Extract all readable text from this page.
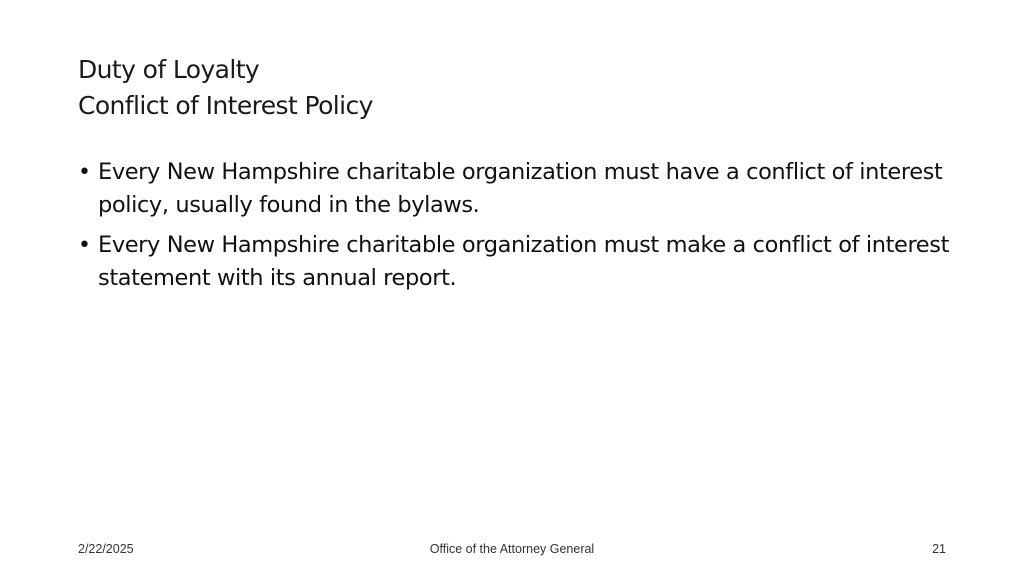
Duty of Loyalty
Conflict of Interest Policy
• Every New Hampshire charitable organization must have a conflict of interest policy, usually found in the bylaws.
• Every New Hampshire charitable organization must make a conflict of interest statement with its annual report.
2/22/2025	Office of the Attorney General	21
